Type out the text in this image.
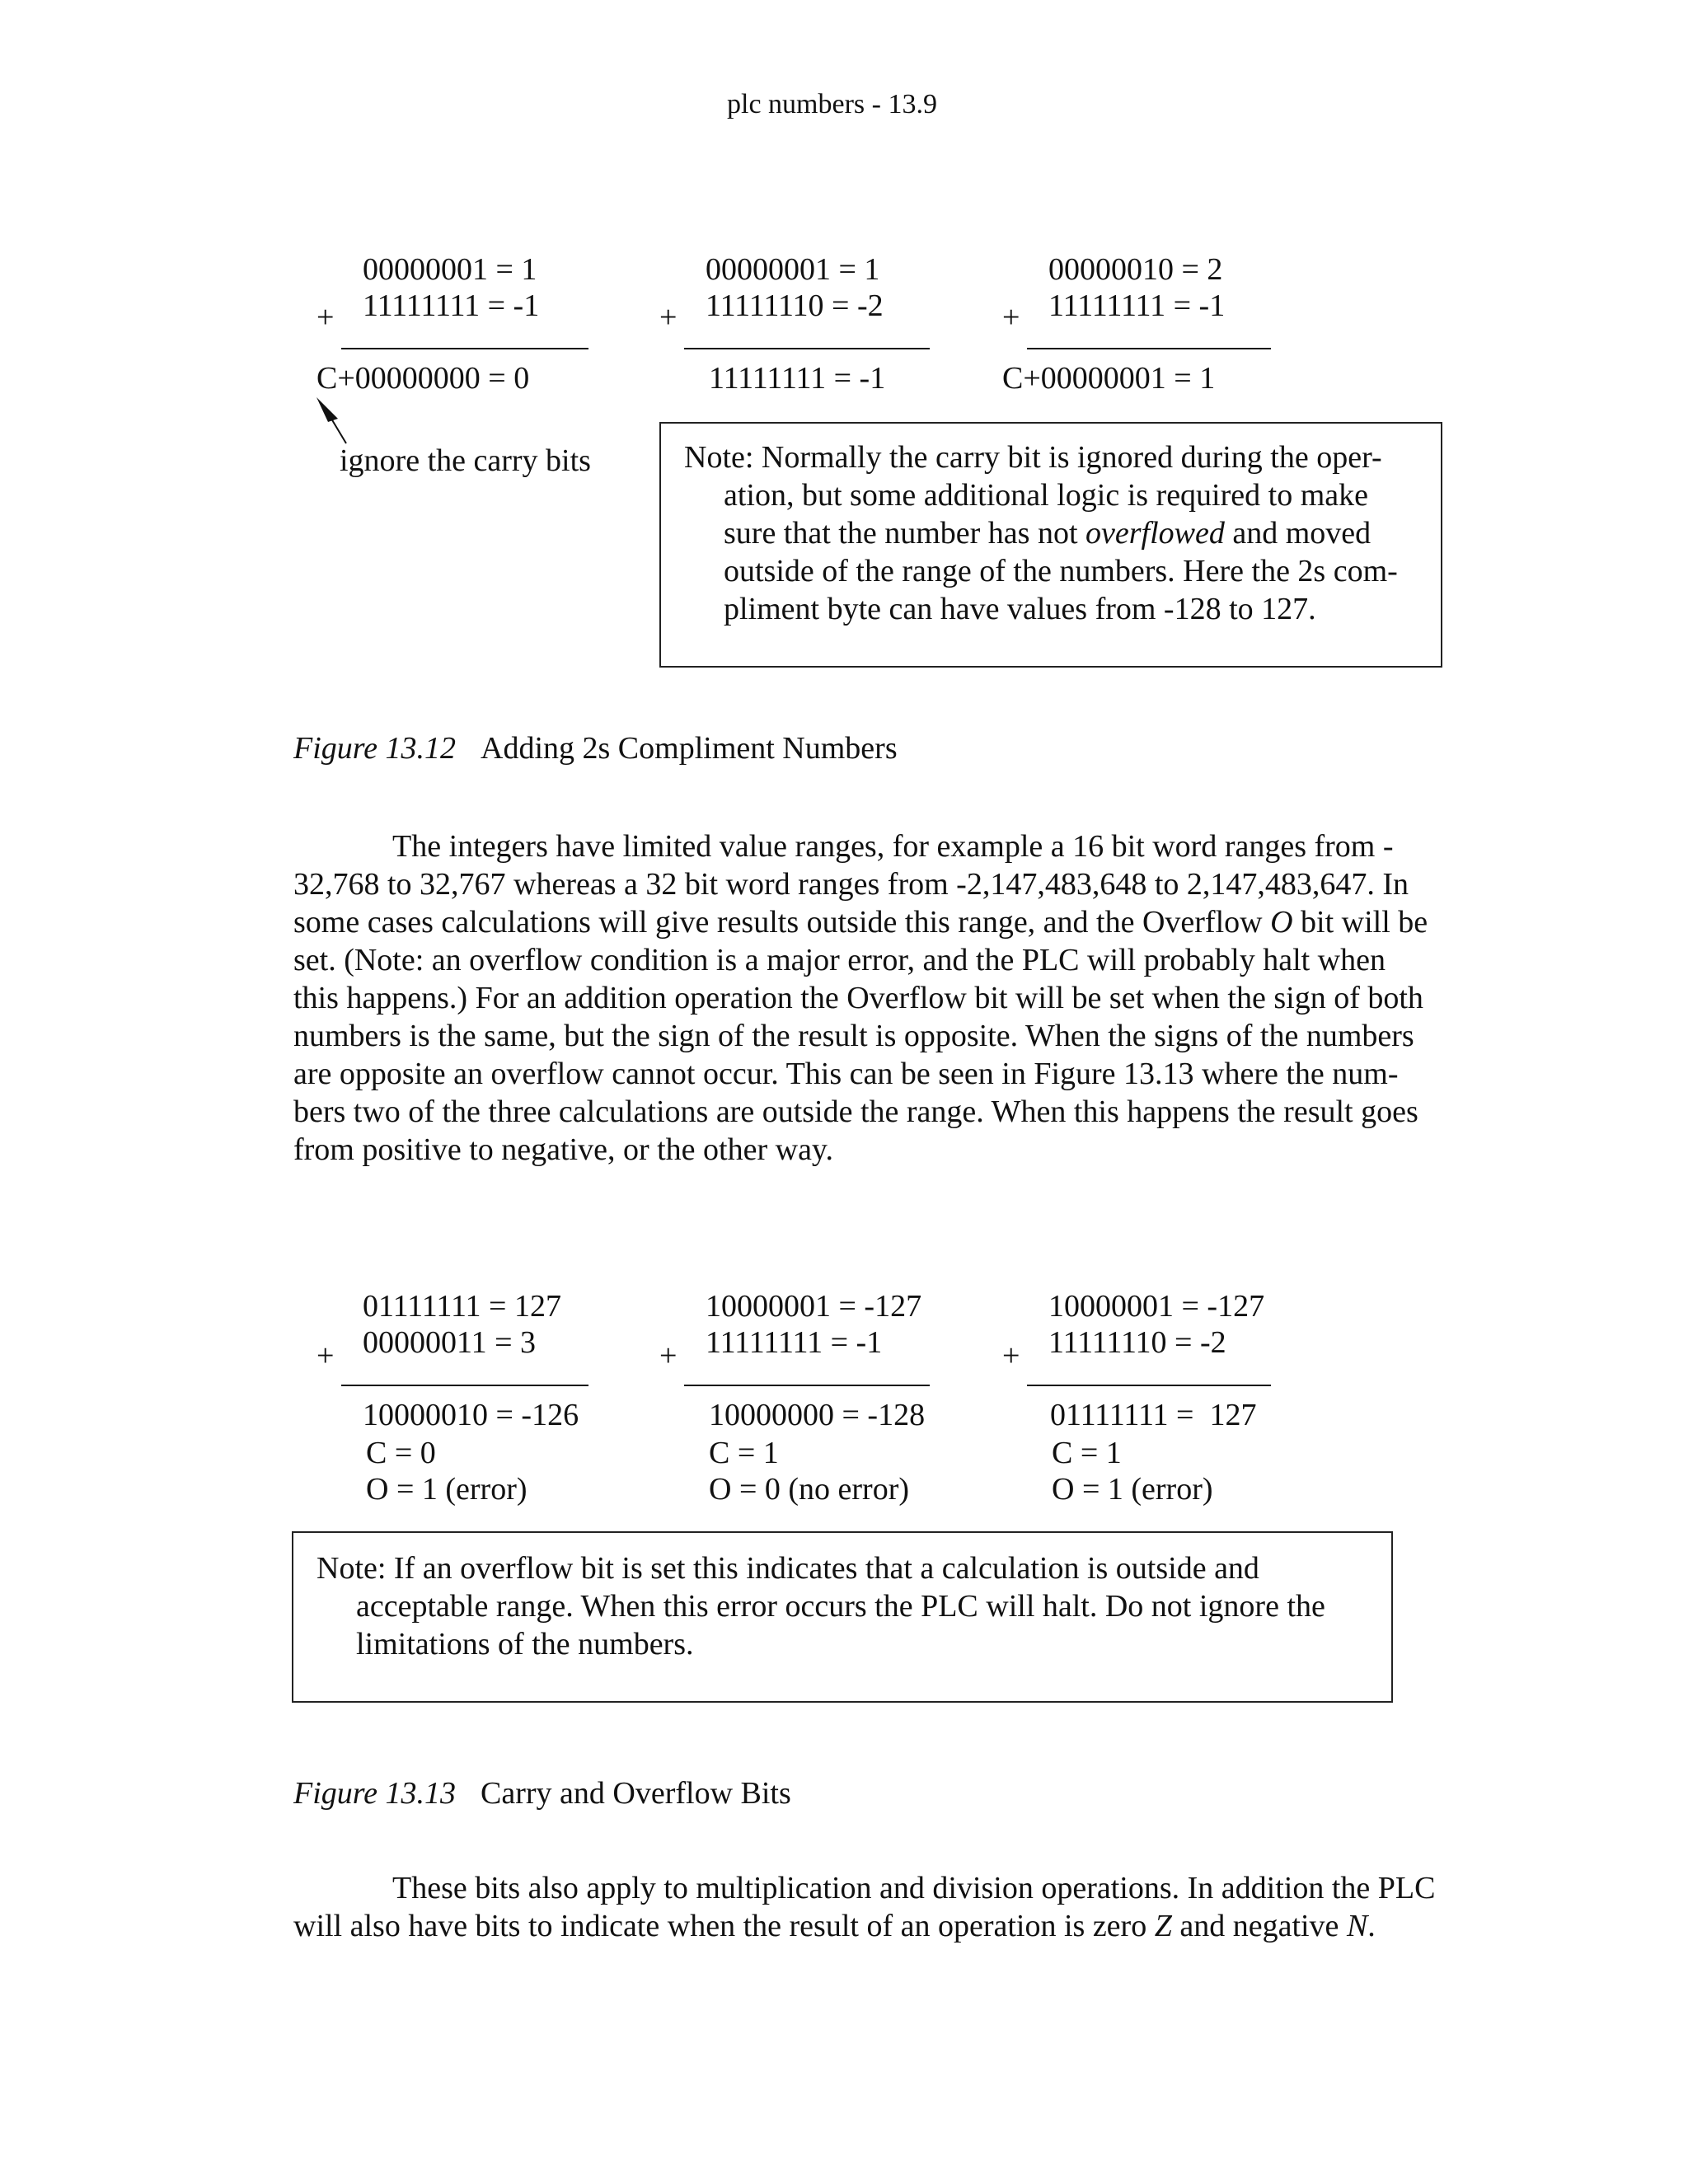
plc numbers - 13.9
00000001 = 1
11111111 = -1
+
C+00000000 = 0
ignore the carry bits
00000001 = 1
11111110 = -2
+
11111111 = -1
00000010 = 2
11111111 = -1
+
C+00000001 = 1
Note: Normally the carry bit is ignored during the oper-
ation, but some additional logic is required to make
sure that the number has not overflowed and moved
outside of the range of the numbers. Here the 2s com-
pliment byte can have values from -128 to 127.
Figure 13.12 Adding 2s Compliment Numbers
The integers have limited value ranges, for example a 16 bit word ranges from -
32,768 to 32,767 whereas a 32 bit word ranges from -2,147,483,648 to 2,147,483,647. In
some cases calculations will give results outside this range, and the Overflow O bit will be
set. (Note: an overflow condition is a major error, and the PLC will probably halt when
this happens.) For an addition operation the Overflow bit will be set when the sign of both
numbers is the same, but the sign of the result is opposite. When the signs of the numbers
are opposite an overflow cannot occur. This can be seen in Figure 13.13 where the num-
bers two of the three calculations are outside the range. When this happens the result goes
from positive to negative, or the other way.
01111111 = 127
00000011 = 3
+
10000010 = -126
C = 0
O = 1 (error)
10000001 = -127
11111111 = -1
+
10000000 = -128
C = 1
O = 0 (no error)
10000001 = -127
11111110 = -2
+
01111111 =  127
C = 1
O = 1 (error)
Note: If an overflow bit is set this indicates that a calculation is outside and
acceptable range. When this error occurs the PLC will halt. Do not ignore the
limitations of the numbers.
Figure 13.13 Carry and Overflow Bits
These bits also apply to multiplication and division operations. In addition the PLC
will also have bits to indicate when the result of an operation is zero Z and negative N.
